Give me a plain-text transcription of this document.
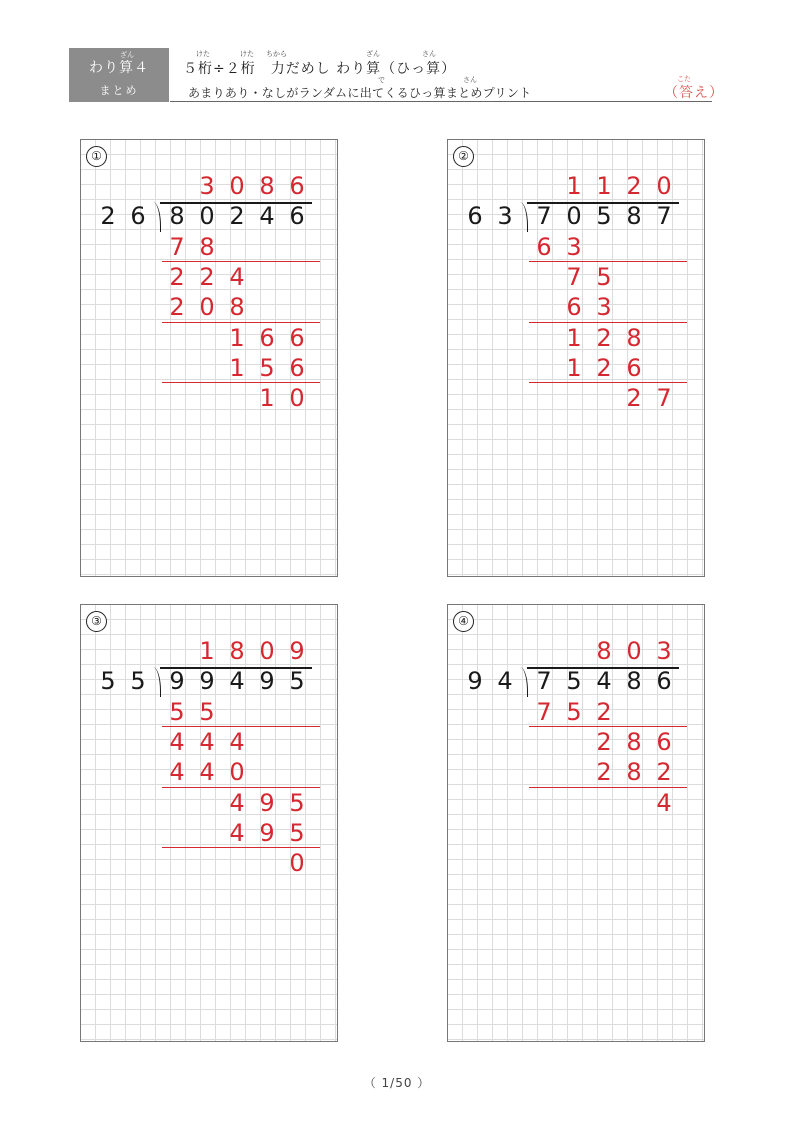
ざん
わり算４
まとめ
けた	けた ちから	ざん	さん
５桁÷２桁　力だめし わり算（ひっ算）
で	さん
あまりあり・なしがランダムに出てくるひっ算まとめプリント
こた
（答え）
①
3 0 8 6
2 6 8 0 2 4 6
7 8
2 2 4
2 0 8
1 6 6
1 5 6
1 0
②
1 1 2 0
6 3 7 0 5 8 7
6 3
7 5
6 3
1 2 8
1 2 6
2 7
③
1 8 0 9
5 5 9 9 4 9 5
5 5
4 4 4
4 4 0
4 9 5
4 9 5
0
④
8 0 3
9 4 7 5 4 8 6
7 5 2
2 8 6
2 8 2
4
（ 1/50 ）
